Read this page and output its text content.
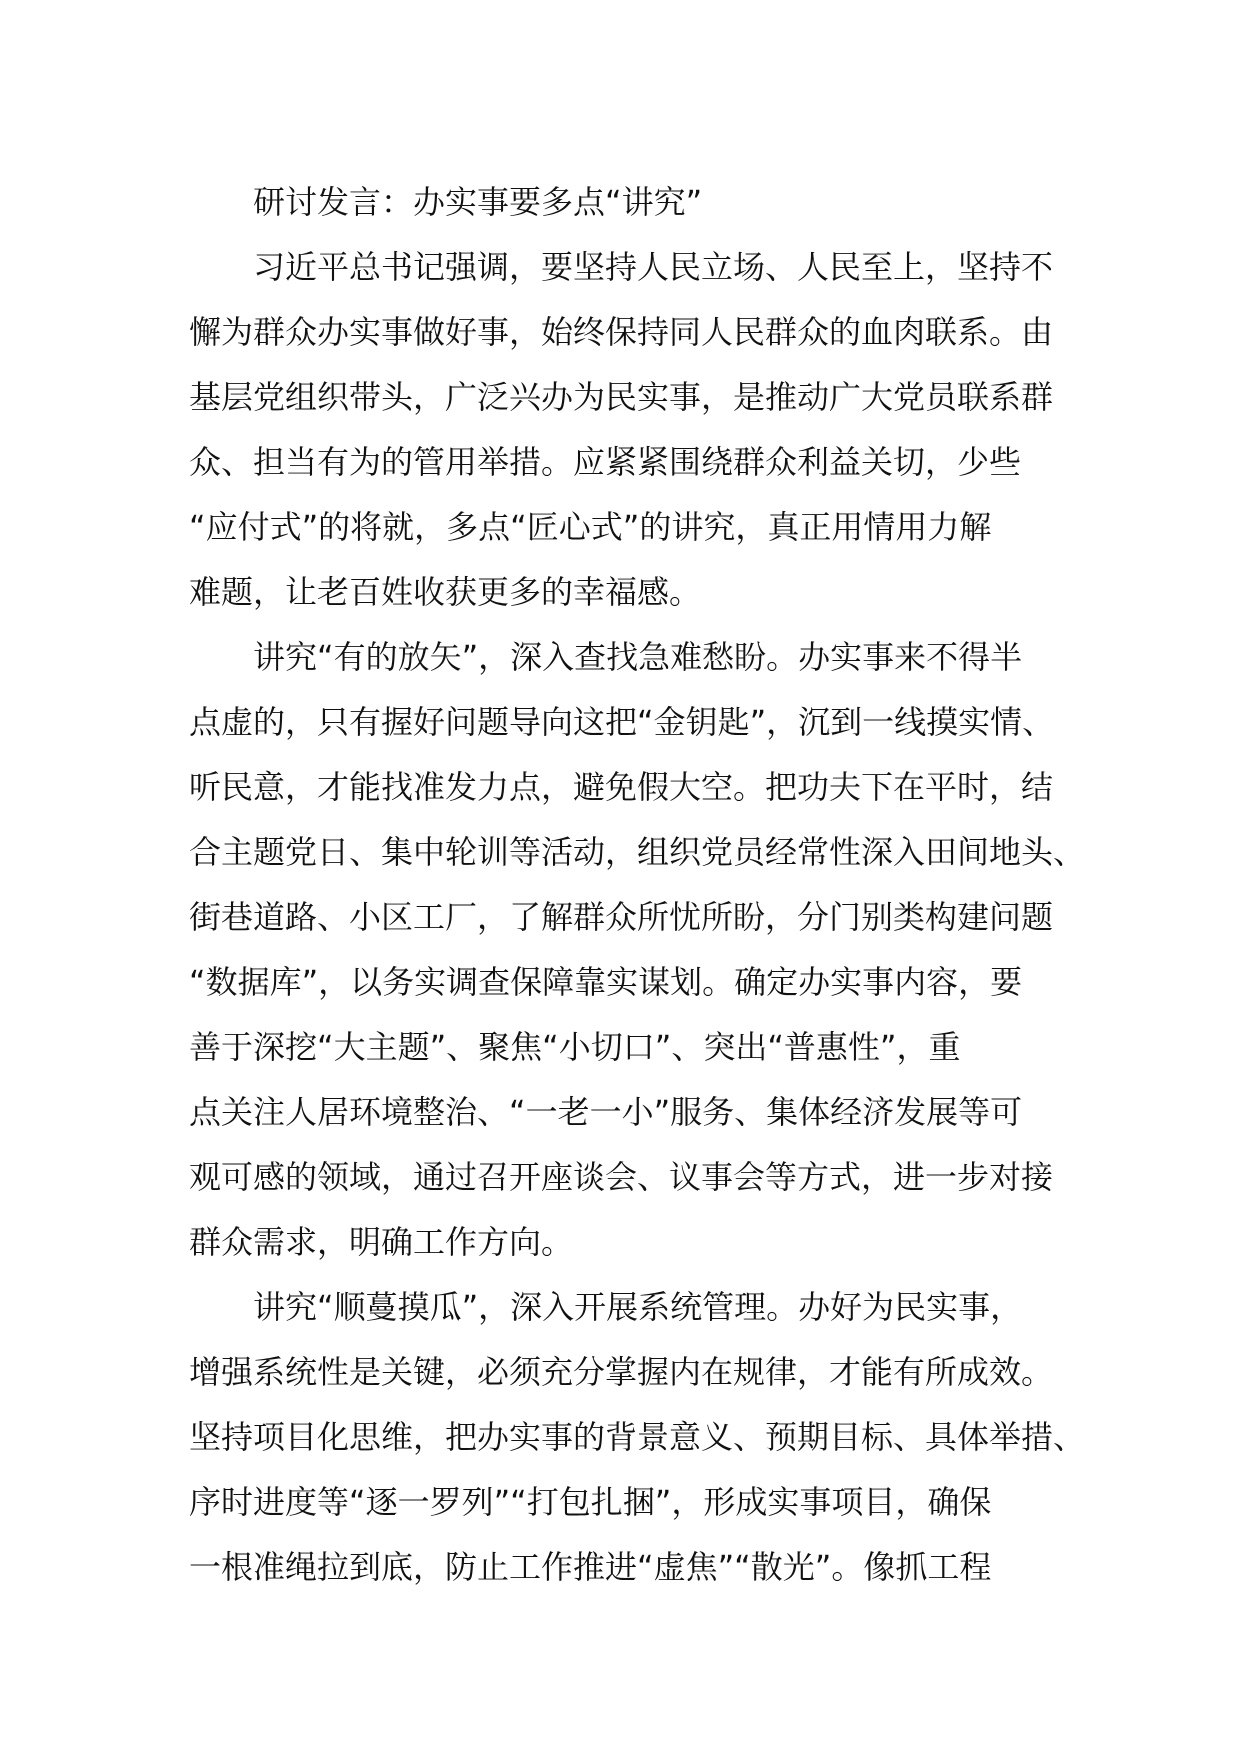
研讨发言：办实事要多点“讲究”
习近平总书记强调，要坚持人民立场、人民至上，坚持不
懈为群众办实事做好事，始终保持同人民群众的血肉联系。由
基层党组织带头，广泛兴办为民实事，是推动广大党员联系群
众、担当有为的管用举措。应紧紧围绕群众利益关切，少些
“应付式”的将就，多点“匠心式”的讲究，真正用情用力解
难题，让老百姓收获更多的幸福感。
讲究“有的放矢”，深入查找急难愁盼。办实事来不得半
点虚的，只有握好问题导向这把“金钥匙”，沉到一线摸实情、
听民意，才能找准发力点，避免假大空。把功夫下在平时，结
合主题党日、集中轮训等活动，组织党员经常性深入田间地头、
街巷道路、小区工厂，了解群众所忧所盼，分门别类构建问题
“数据库”，以务实调查保障靠实谋划。确定办实事内容，要
善于深挖“大主题”、聚焦“小切口”、突出“普惠性”，重
点关注人居环境整治、“一老一小”服务、集体经济发展等可
观可感的领域，通过召开座谈会、议事会等方式，进一步对接
群众需求，明确工作方向。
讲究“顺蔓摸瓜”，深入开展系统管理。办好为民实事，
增强系统性是关键，必须充分掌握内在规律，才能有所成效。
坚持项目化思维，把办实事的背景意义、预期目标、具体举措、
序时进度等“逐一罗列”“打包扎捆”，形成实事项目，确保
一根准绳拉到底，防止工作推进“虚焦”“散光”。像抓工程
